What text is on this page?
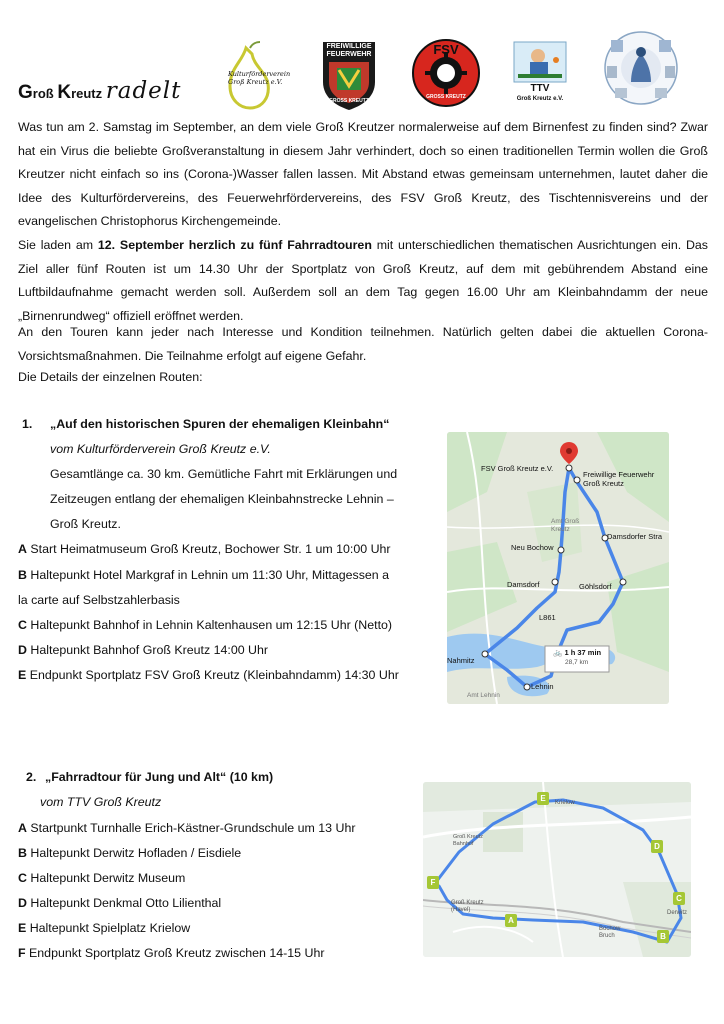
Kulturförderverein
Groß Kreutz e.V.
FREIWILLIGE
FEUERWEHR
GROSS KREUTZ
FSV
GROSS KREUTZ
TTV
Groß Kreutz e.V.
Groß Kreutz radelt
Was tun am 2. Samstag im September, an dem viele Groß Kreutzer normalerweise auf dem Birnenfest zu finden sind? Zwar hat ein Virus die beliebte Großveranstaltung in diesem Jahr verhindert, doch so einen traditionellen Termin wollen die Groß Kreutzer nicht einfach so ins (Corona-)Wasser fallen lassen. Mit Abstand etwas gemeinsam unternehmen, lautet daher die Idee des Kulturfördervereins, des Feuerwehrfördervereins, des FSV Groß Kreutz, des Tischtennisvereins und der evangelischen Christophorus Kirchengemeinde.
Sie laden am 12. September herzlich zu fünf Fahrradtouren mit unterschiedlichen thematischen Ausrichtungen ein. Das Ziel aller fünf Routen ist um 14.30 Uhr der Sportplatz von Groß Kreutz, auf dem mit gebührendem Abstand eine Luftbildaufnahme gemacht werden soll. Außerdem soll an dem Tag gegen 16.00 Uhr am Kleinbahndamm der neue „Birnenrundweg“ offiziell eröffnet werden.
An den Touren kann jeder nach Interesse und Kondition teilnehmen. Natürlich gelten dabei die aktuellen Corona-Vorsichtsmaßnahmen. Die Teilnahme erfolgt auf eigene Gefahr.
Die Details der einzelnen Routen:
1. „Auf den historischen Spuren der ehemaligen Kleinbahn“
vom Kulturförderverein Groß Kreutz e.V.
Gesamtlänge ca. 30 km. Gemütliche Fahrt mit Erklärungen und
Zeitzeugen entlang der ehemaligen Kleinbahnstrecke Lehnin –
Groß Kreutz.
A Start Heimatmuseum Groß Kreutz, Bochower Str. 1 um 10:00 Uhr
B Haltepunkt Hotel Markgraf in Lehnin um 11:30 Uhr, Mittagessen a
la carte auf Selbstzahlerbasis
C Haltepunkt Bahnhof in Lehnin Kaltenhausen um 12:15 Uhr (Netto)
D Haltepunkt Bahnhof Groß Kreutz 14:00 Uhr
E Endpunkt Sportplatz FSV Groß Kreutz (Kleinbahndamm) 14:30 Uhr
FSV Groß Kreutz e.V.
Freiwillige Feuerwehr
Groß Kreutz
Amt Groß
Kreutz
Neu Bochow
Damsdorfer Stra
Damsdorf	Göhlsdorf
L861
🚲 1 h 37 min
28,7 km
Nahmitz
Lehnin
Amt Lehnin
2. „Fahrradtour für Jung und Alt“ (10 km)
vom TTV Groß Kreutz
A Startpunkt Turnhalle Erich-Kästner-Grundschule um 13 Uhr
B Haltepunkt Derwitz Hofladen / Eisdiele
C Haltepunkt Derwitz Museum
D Haltepunkt Denkmal Otto Lilienthal
E Haltepunkt Spielplatz Krielow
F Endpunkt Sportplatz Groß Kreutz zwischen 14-15 Uhr
E
D
C
B
A
F
Krielow
Groß Kreutz
Bahnhof
Groß Kreutz
(Havel)	Derwitz
Bochow
Bruch
